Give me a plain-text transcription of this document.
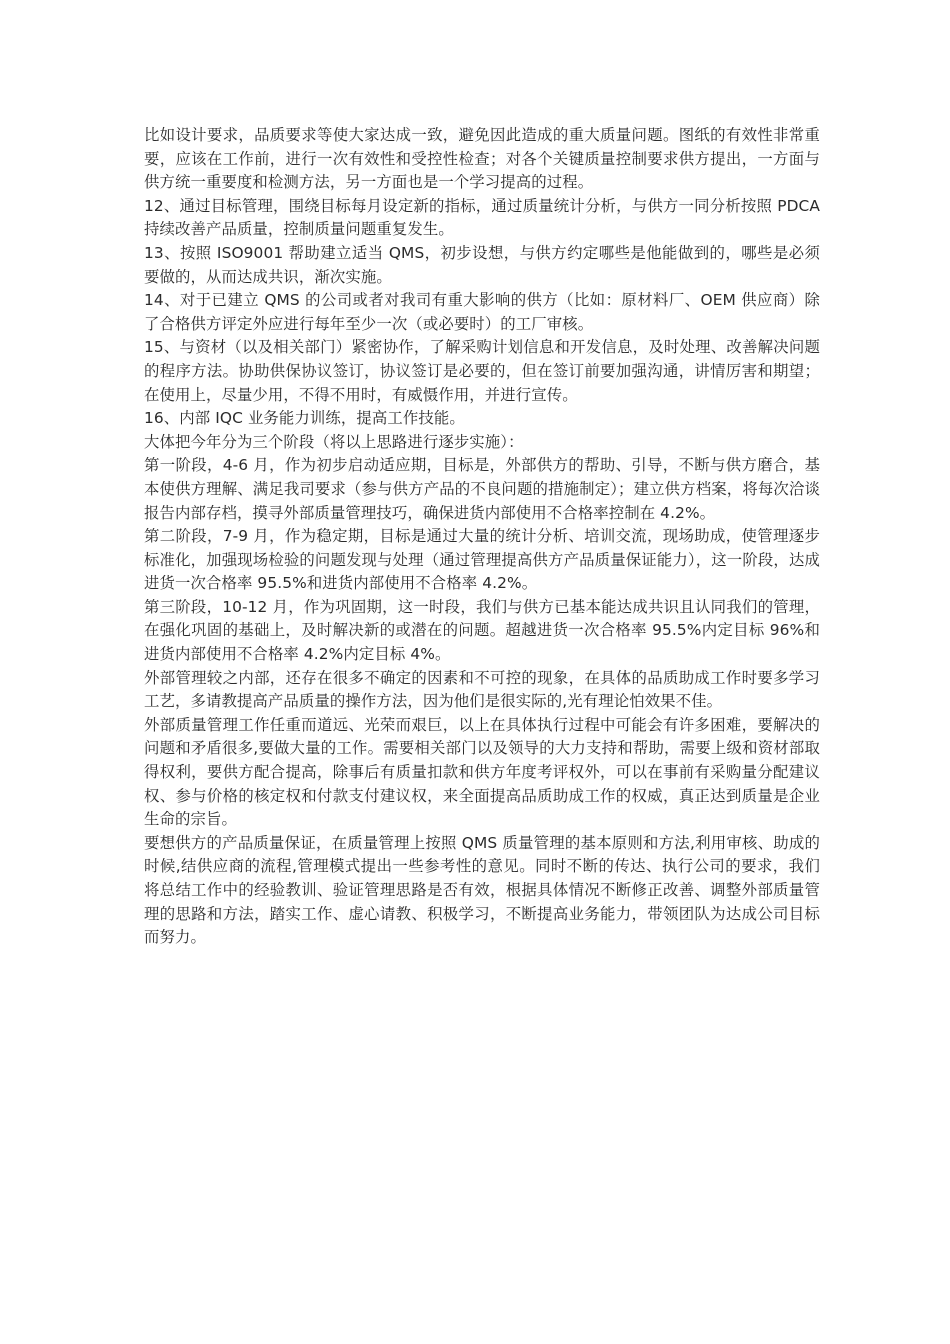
比如设计要求，品质要求等使大家达成一致，避免因此造成的重大质量问题。图纸的有效性非常重要，应该在工作前，进行一次有效性和受控性检查；对各个关键质量控制要求供方提出，一方面与供方统一重要度和检测方法，另一方面也是一个学习提高的过程。

12、通过目标管理，围绕目标每月设定新的指标，通过质量统计分析，与供方一同分析按照 PDCA 持续改善产品质量，控制质量问题重复发生。

13、按照 ISO9001 帮助建立适当 QMS，初步设想，与供方约定哪些是他能做到的，哪些是必须要做的，从而达成共识，渐次实施。

14、对于已建立 QMS 的公司或者对我司有重大影响的供方（比如：原材料厂、OEM 供应商）除了合格供方评定外应进行每年至少一次（或必要时）的工厂审核。

15、与资材（以及相关部门）紧密协作，了解采购计划信息和开发信息，及时处理、改善解决问题的程序方法。协助供保协议签订，协议签订是必要的，但在签订前要加强沟通，讲情厉害和期望；在使用上，尽量少用，不得不用时，有威慑作用，并进行宣传。

16、内部 IQC 业务能力训练，提高工作技能。

大体把今年分为三个阶段（将以上思路进行逐步实施）：

第一阶段，4-6 月，作为初步启动适应期，目标是，外部供方的帮助、引导，不断与供方磨合，基本使供方理解、满足我司要求（参与供方产品的不良问题的措施制定）；建立供方档案，将每次洽谈报告内部存档，摸寻外部质量管理技巧，确保进货内部使用不合格率控制在 4.2%。

第二阶段，7-9 月，作为稳定期，目标是通过大量的统计分析、培训交流，现场助成，使管理逐步标准化，加强现场检验的问题发现与处理（通过管理提高供方产品质量保证能力），这一阶段，达成进货一次合格率 95.5%和进货内部使用不合格率 4.2%。

第三阶段，10-12 月，作为巩固期，这一时段，我们与供方已基本能达成共识且认同我们的管理，在强化巩固的基础上，及时解决新的或潜在的问题。超越进货一次合格率 95.5%内定目标 96%和进货内部使用不合格率 4.2%内定目标 4%。

外部管理较之内部，还存在很多不确定的因素和不可控的现象，在具体的品质助成工作时要多学习工艺，多请教提高产品质量的操作方法，因为他们是很实际的,光有理论怕效果不佳。

外部质量管理工作任重而道远、光荣而艰巨，以上在具体执行过程中可能会有许多困难，要解决的问题和矛盾很多,要做大量的工作。需要相关部门以及领导的大力支持和帮助，需要上级和资材部取得权利，要供方配合提高，除事后有质量扣款和供方年度考评权外，可以在事前有采购量分配建议权、参与价格的核定权和付款支付建议权，来全面提高品质助成工作的权威，真正达到质量是企业生命的宗旨。

要想供方的产品质量保证，在质量管理上按照 QMS 质量管理的基本原则和方法,利用审核、助成的时候,结供应商的流程,管理模式提出一些参考性的意见。同时不断的传达、执行公司的要求，我们将总结工作中的经验教训、验证管理思路是否有效，根据具体情况不断修正改善、调整外部质量管理的思路和方法，踏实工作、虚心请教、积极学习，不断提高业务能力，带领团队为达成公司目标而努力。
